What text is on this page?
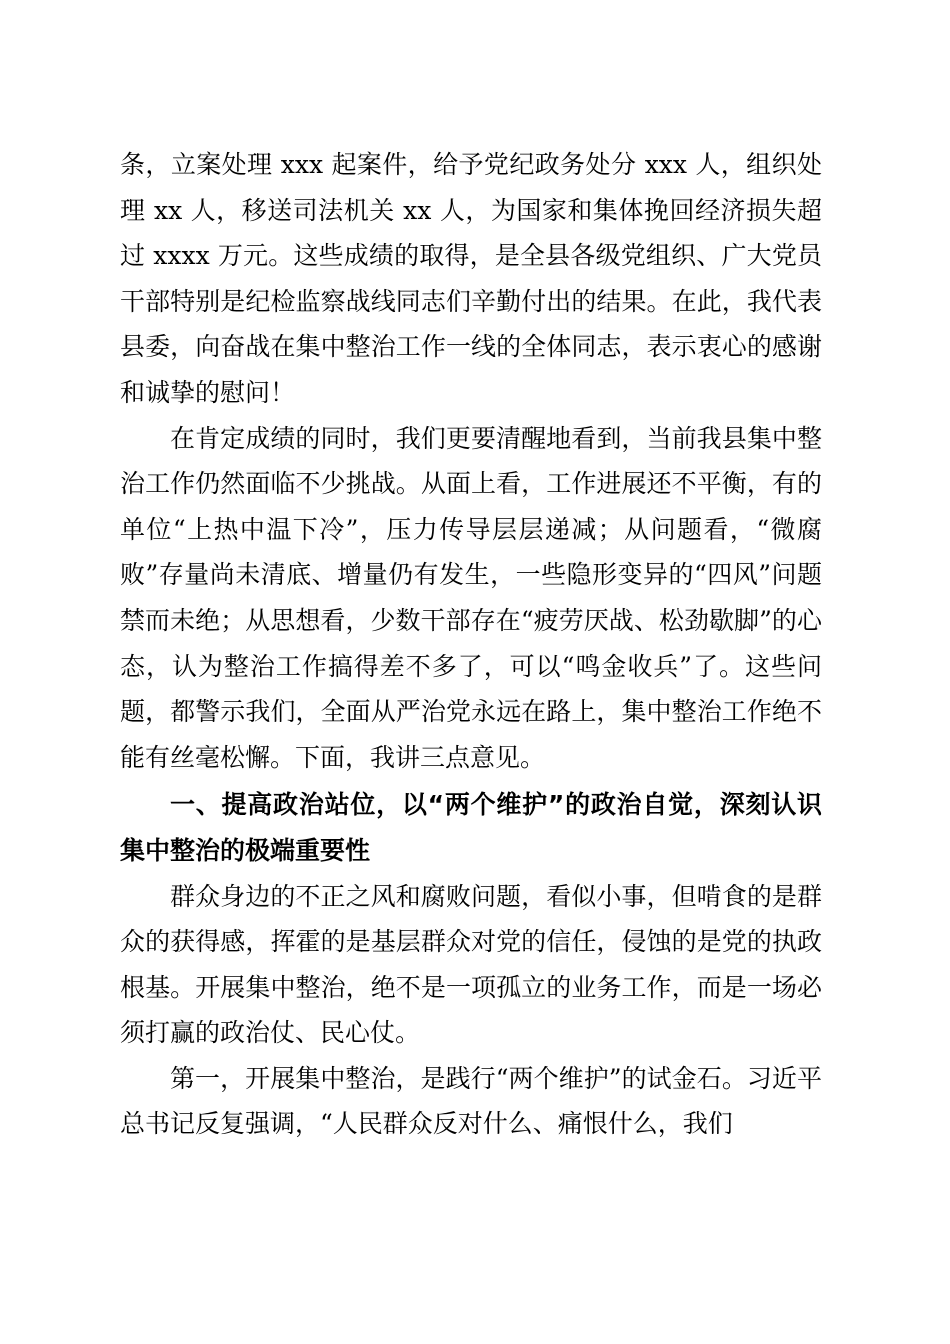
条，立案处理 xxx 起案件，给予党纪政务处分 xxx 人，组织处理 xx 人，移送司法机关 xx 人，为国家和集体挽回经济损失超过 xxxx 万元。这些成绩的取得，是全县各级党组织、广大党员干部特别是纪检监察战线同志们辛勤付出的结果。在此，我代表县委，向奋战在集中整治工作一线的全体同志，表示衷心的感谢和诚挚的慰问！

在肯定成绩的同时，我们更要清醒地看到，当前我县集中整治工作仍然面临不少挑战。从面上看，工作进展还不平衡，有的单位“上热中温下冷”，压力传导层层递减；从问题看，“微腐败”存量尚未清底、增量仍有发生，一些隐形变异的“四风”问题禁而未绝；从思想看，少数干部存在“疲劳厌战、松劲歇脚”的心态，认为整治工作搞得差不多了，可以“鸣金收兵”了。这些问题，都警示我们，全面从严治党永远在路上，集中整治工作绝不能有丝毫松懈。下面，我讲三点意见。

一、提高政治站位，以“两个维护”的政治自觉，深刻认识集中整治的极端重要性

群众身边的不正之风和腐败问题，看似小事，但啃食的是群众的获得感，挥霍的是基层群众对党的信任，侵蚀的是党的执政根基。开展集中整治，绝不是一项孤立的业务工作，而是一场必须打赢的政治仗、民心仗。

第一，开展集中整治，是践行“两个维护”的试金石。习近平总书记反复强调，“人民群众反对什么、痛恨什么，我们
